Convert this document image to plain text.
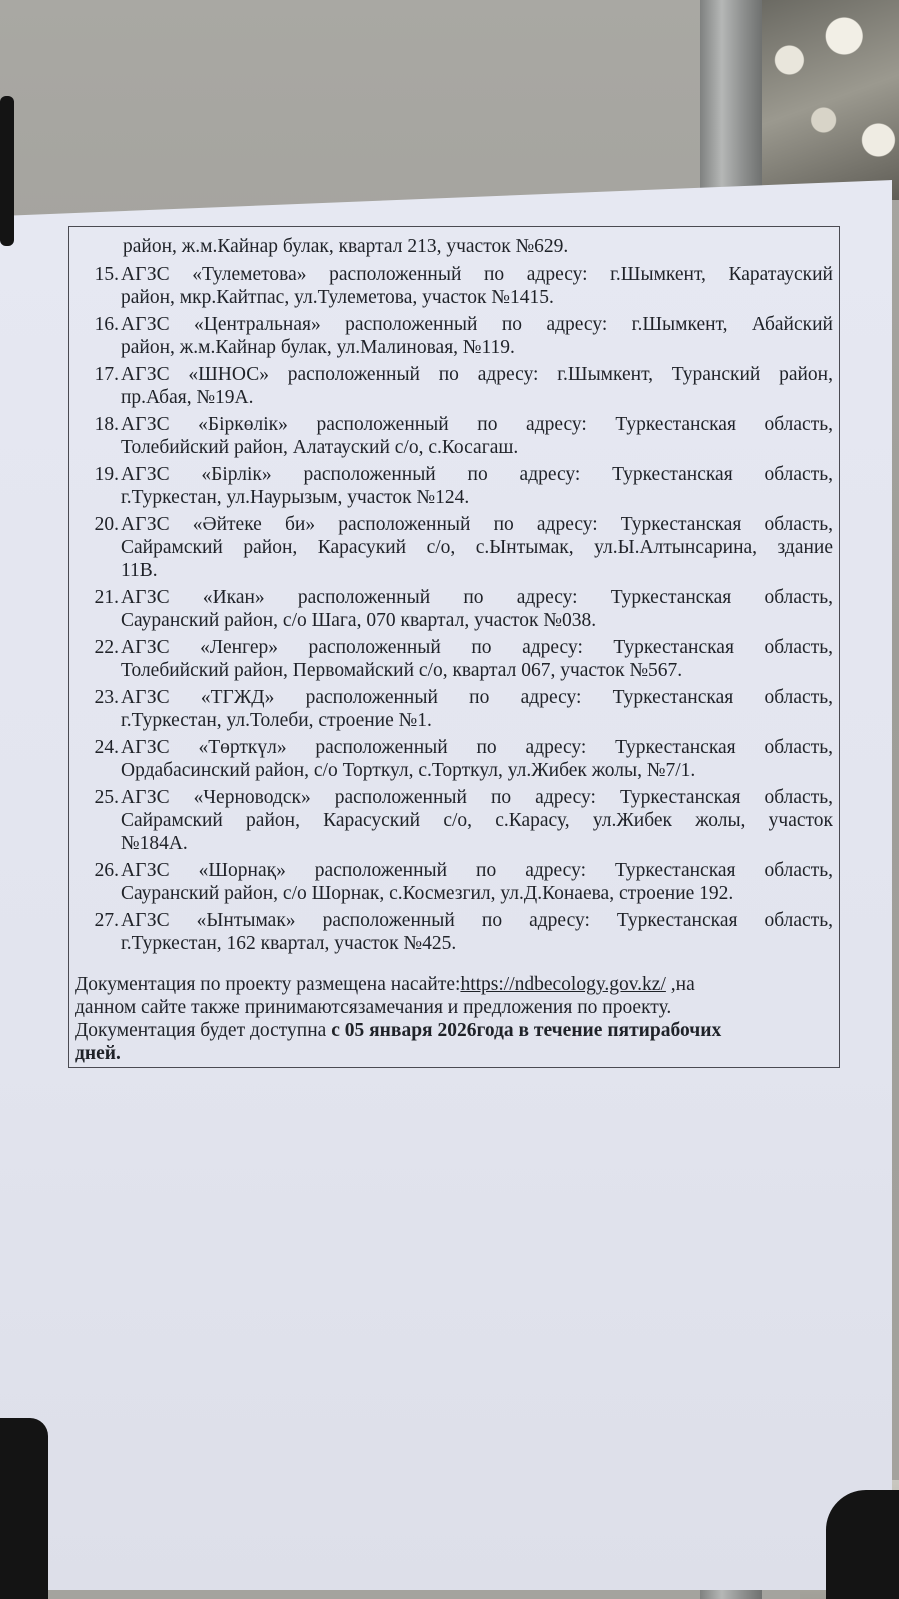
район, ж.м.Кайнар булак, квартал 213, участок №629.
15. АГЗС «Тулеметова» расположенный по адресу: г.Шымкент, Каратауский
район, мкр.Кайтпас, ул.Тулеметова, участок №1415.
16. АГЗС «Центральная» расположенный по адресу: г.Шымкент, Абайский
район, ж.м.Кайнар булак, ул.Малиновая, №119.
17. АГЗС «ШНОС» расположенный по адресу: г.Шымкент, Туранский район,
пр.Абая, №19А.
18. АГЗС «Біркөлік» расположенный по адресу: Туркестанская область,
Толебийский район, Алатауский с/о, с.Косагаш.
19. АГЗС «Бірлік» расположенный по адресу: Туркестанская область,
г.Туркестан, ул.Наурызым, участок №124.
20. АГЗС «Әйтеке би» расположенный по адресу: Туркестанская область,
Сайрамский район, Карасукий с/о, с.Ынтымак, ул.Ы.Алтынсарина, здание
11В.
21. АГЗС «Икан» расположенный по адресу: Туркестанская область,
Сауранский район, с/о Шага, 070 квартал, участок №038.
22. АГЗС «Ленгер» расположенный по адресу: Туркестанская область,
Толебийский район, Первомайский с/о, квартал 067, участок №567.
23. АГЗС «ТГЖД» расположенный по адресу: Туркестанская область,
г.Туркестан, ул.Толеби, строение №1.
24. АГЗС «Төрткүл» расположенный по адресу: Туркестанская область,
Ордабасинский район, с/о Торткул, с.Торткул, ул.Жибек жолы, №7/1.
25. АГЗС «Черноводск» расположенный по адресу: Туркестанская область,
Сайрамский район, Карасуский с/о, с.Карасу, ул.Жибек жолы, участок
№184А.
26. АГЗС «Шорнақ» расположенный по адресу: Туркестанская область,
Сауранский район, с/о Шорнак, с.Космезгил, ул.Д.Конаева, строение 192.
27. АГЗС «Ынтымак» расположенный по адресу: Туркестанская область,
г.Туркестан, 162 квартал, участок №425.
Документация по проекту размещена насайте:https://ndbecology.gov.kz/ ,на
данном сайте также принимаютсязамечания и предложения по проекту.
Документация будет доступна с 05 января 2026года в течение пятирабочих
дней.
